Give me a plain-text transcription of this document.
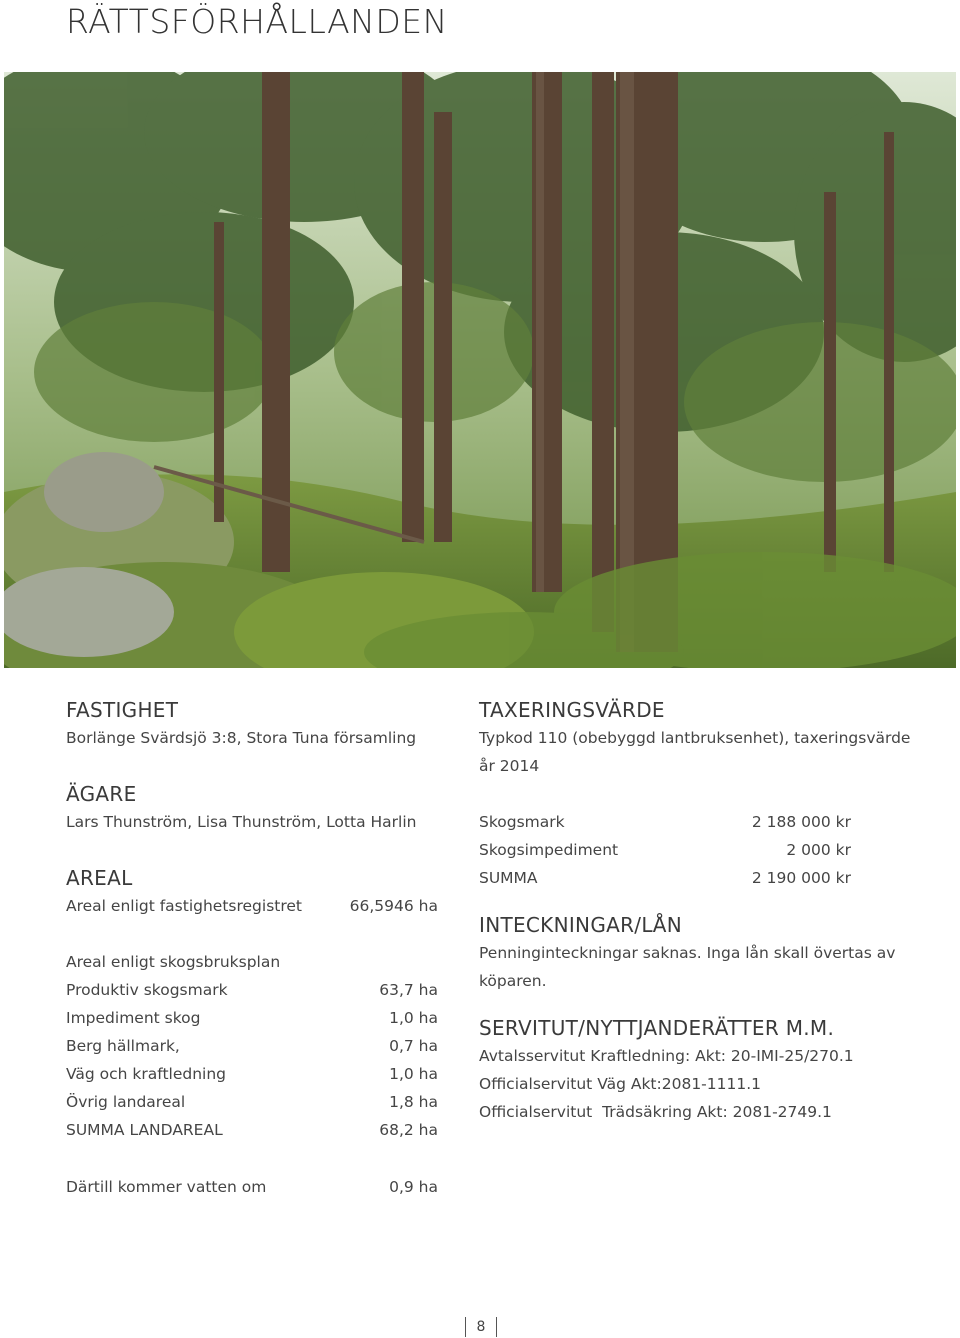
RÄTTSFÖRHÅLLANDEN
FASTIGHET
Borlänge Svärdsjö 3:8, Stora Tuna församling
ÄGARE
Lars Thunström, Lisa Thunström, Lotta Harlin
AREAL
Areal enligt fastighetsregistret	66,5946 ha
Areal enligt skogsbruksplan
Produktiv skogsmark	63,7 ha
Impediment skog	1,0 ha
Berg hällmark,	0,7 ha
Väg och kraftledning	1,0 ha
Övrig landareal	1,8 ha
SUMMA LANDAREAL	68,2 ha
TAXERINGSVÄRDE
Typkod 110 (obebyggd lantbruksenhet), taxeringsvärde
år 2014
Skogsmark	2 188 000 kr
Skogsimpediment	2 000 kr
SUMMA	2 190 000 kr
INTECKNINGAR/LÅN
Penninginteckningar saknas. Inga lån skall övertas av
köparen.
SERVITUT/NYTTJANDERÄTTER M.M.
Avtalsservitut Kraftledning: Akt: 20-IMI-25/270.1
Officialservitut Väg Akt:2081-1111.1
Officialservitut  Trädsäkring Akt: 2081-2749.1
Därtill kommer vatten om	0,9 ha
8
